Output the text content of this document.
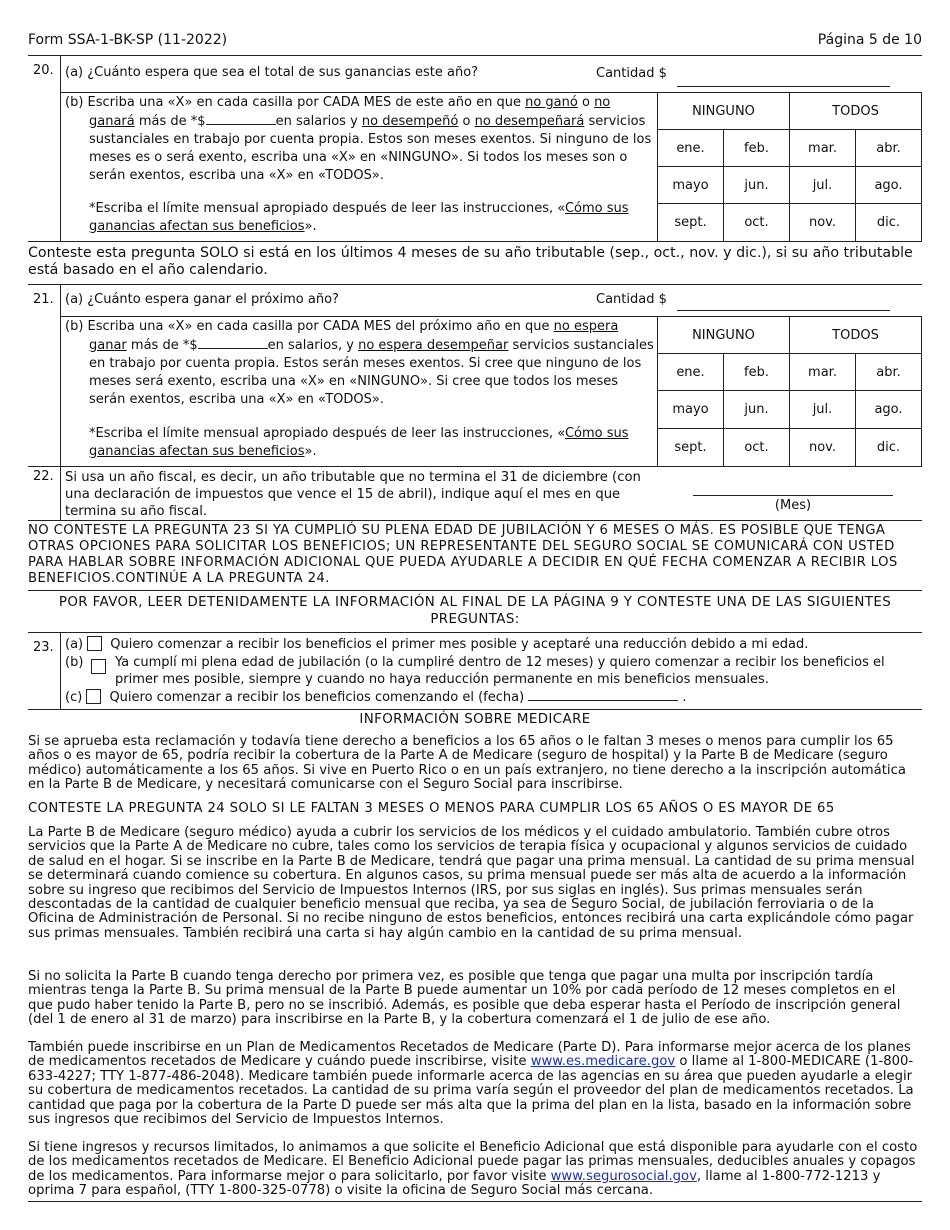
Form SSA-1-BK-SP (11-2022)	Página 5 de 10
20. (a) ¿Cuánto espera que sea el total de sus ganancias este año?	Cantidad $
(b) Escriba una «X» en cada casilla por CADA MES de este año en que no ganó o no ganará más de *$	en salarios y no desempeñó o no desempeñará servicios sustanciales en trabajo por cuenta propia. Estos son meses exentos. Si ninguno de los meses es o será exento, escriba una «X» en «NINGUNO». Si todos los meses son o serán exentos, escriba una «X» en «TODOS».
*Escriba el límite mensual apropiado después de leer las instrucciones, «Cómo sus ganancias afectan sus beneficios».
NINGUNO	TODOS
ene.	feb.	mar.	abr.
mayo	jun.	jul.	ago.
sept.	oct.	nov.	dic.
Conteste esta pregunta SOLO si está en los últimos 4 meses de su año tributable (sep., oct., nov. y dic.), si su año tributable está basado en el año calendario.
21. (a) ¿Cuánto espera ganar el próximo año?	Cantidad $
(b) Escriba una «X» en cada casilla por CADA MES del próximo año en que no espera ganar más de *$	en salarios, y no espera desempeñar servicios sustanciales en trabajo por cuenta propia. Estos serán meses exentos. Si cree que ninguno de los meses será exento, escriba una «X» en «NINGUNO». Si cree que todos los meses serán exentos, escriba una «X» en «TODOS».
*Escriba el límite mensual apropiado después de leer las instrucciones, «Cómo sus ganancias afectan sus beneficios».
NINGUNO	TODOS
ene.	feb.	mar.	abr.
mayo	jun.	jul.	ago.
sept.	oct.	nov.	dic.
22. Si usa un año fiscal, es decir, un año tributable que no termina el 31 de diciembre (con una declaración de impuestos que vence el 15 de abril), indique aquí el mes en que termina su año fiscal.	(Mes)
NO CONTESTE LA PREGUNTA 23 SI YA CUMPLIÓ SU PLENA EDAD DE JUBILACIÓN Y 6 MESES O MÁS. ES POSIBLE QUE TENGA OTRAS OPCIONES PARA SOLICITAR LOS BENEFICIOS; UN REPRESENTANTE DEL SEGURO SOCIAL SE COMUNICARÁ CON USTED PARA HABLAR SOBRE INFORMACIÓN ADICIONAL QUE PUEDA AYUDARLE A DECIDIR EN QUÉ FECHA COMENZAR A RECIBIR LOS BENEFICIOS.CONTINÚE A LA PREGUNTA 24.
POR FAVOR, LEER DETENIDAMENTE LA INFORMACIÓN AL FINAL DE LA PÁGINA 9 Y CONTESTE UNA DE LAS SIGUIENTES PREGUNTAS:
23. (a) Quiero comenzar a recibir los beneficios el primer mes posible y aceptaré una reducción debido a mi edad.
(b)	Ya cumplí mi plena edad de jubilación (o la cumpliré dentro de 12 meses) y quiero comenzar a recibir los beneficios el primer mes posible, siempre y cuando no haya reducción permanente en mis beneficios mensuales.
(c) Quiero comenzar a recibir los beneficios comenzando el (fecha)	.
INFORMACIÓN SOBRE MEDICARE
Si se aprueba esta reclamación y todavía tiene derecho a beneficios a los 65 años o le faltan 3 meses o menos para cumplir los 65 años o es mayor de 65, podría recibir la cobertura de la Parte A de Medicare (seguro de hospital) y la Parte B de Medicare (seguro médico) automáticamente a los 65 años. Si vive en Puerto Rico o en un país extranjero, no tiene derecho a la inscripción automática en la Parte B de Medicare, y necesitará comunicarse con el Seguro Social para inscribirse.
CONTESTE LA PREGUNTA 24 SOLO SI LE FALTAN 3 MESES O MENOS PARA CUMPLIR LOS 65 AÑOS O ES MAYOR DE 65
La Parte B de Medicare (seguro médico) ayuda a cubrir los servicios de los médicos y el cuidado ambulatorio. También cubre otros servicios que la Parte A de Medicare no cubre, tales como los servicios de terapia física y ocupacional y algunos servicios de cuidado de salud en el hogar. Si se inscribe en la Parte B de Medicare, tendrá que pagar una prima mensual. La cantidad de su prima mensual se determinará cuando comience su cobertura. En algunos casos, su prima mensual puede ser más alta de acuerdo a la información sobre su ingreso que recibimos del Servicio de Impuestos Internos (IRS, por sus siglas en inglés). Sus primas mensuales serán descontadas de la cantidad de cualquier beneficio mensual que reciba, ya sea de Seguro Social, de jubilación ferroviaria o de la Oficina de Administración de Personal. Si no recibe ninguno de estos beneficios, entonces recibirá una carta explicándole cómo pagar sus primas mensuales. También recibirá una carta si hay algún cambio en la cantidad de su prima mensual.
Si no solicita la Parte B cuando tenga derecho por primera vez, es posible que tenga que pagar una multa por inscripción tardía mientras tenga la Parte B. Su prima mensual de la Parte B puede aumentar un 10% por cada período de 12 meses completos en el que pudo haber tenido la Parte B, pero no se inscribió. Además, es posible que deba esperar hasta el Período de inscripción general (del 1 de enero al 31 de marzo) para inscribirse en la Parte B, y la cobertura comenzará el 1 de julio de ese año.
También puede inscribirse en un Plan de Medicamentos Recetados de Medicare (Parte D). Para informarse mejor acerca de los planes de medicamentos recetados de Medicare y cuándo puede inscribirse, visite www.es.medicare.gov o llame al 1-800-MEDICARE (1-800-633-4227; TTY 1-877-486-2048). Medicare también puede informarle acerca de las agencias en su área que pueden ayudarle a elegir su cobertura de medicamentos recetados. La cantidad de su prima varía según el proveedor del plan de medicamentos recetados. La cantidad que paga por la cobertura de la Parte D puede ser más alta que la prima del plan en la lista, basado en la información sobre sus ingresos que recibimos del Servicio de Impuestos Internos.
Si tiene ingresos y recursos limitados, lo animamos a que solicite el Beneficio Adicional que está disponible para ayudarle con el costo de los medicamentos recetados de Medicare. El Beneficio Adicional puede pagar las primas mensuales, deducibles anuales y copagos de los medicamentos. Para informarse mejor o para solicitarlo, por favor visite www.segurosocial.gov, llame al 1-800-772-1213 y oprima 7 para español, (TTY 1-800-325-0778) o visite la oficina de Seguro Social más cercana.
